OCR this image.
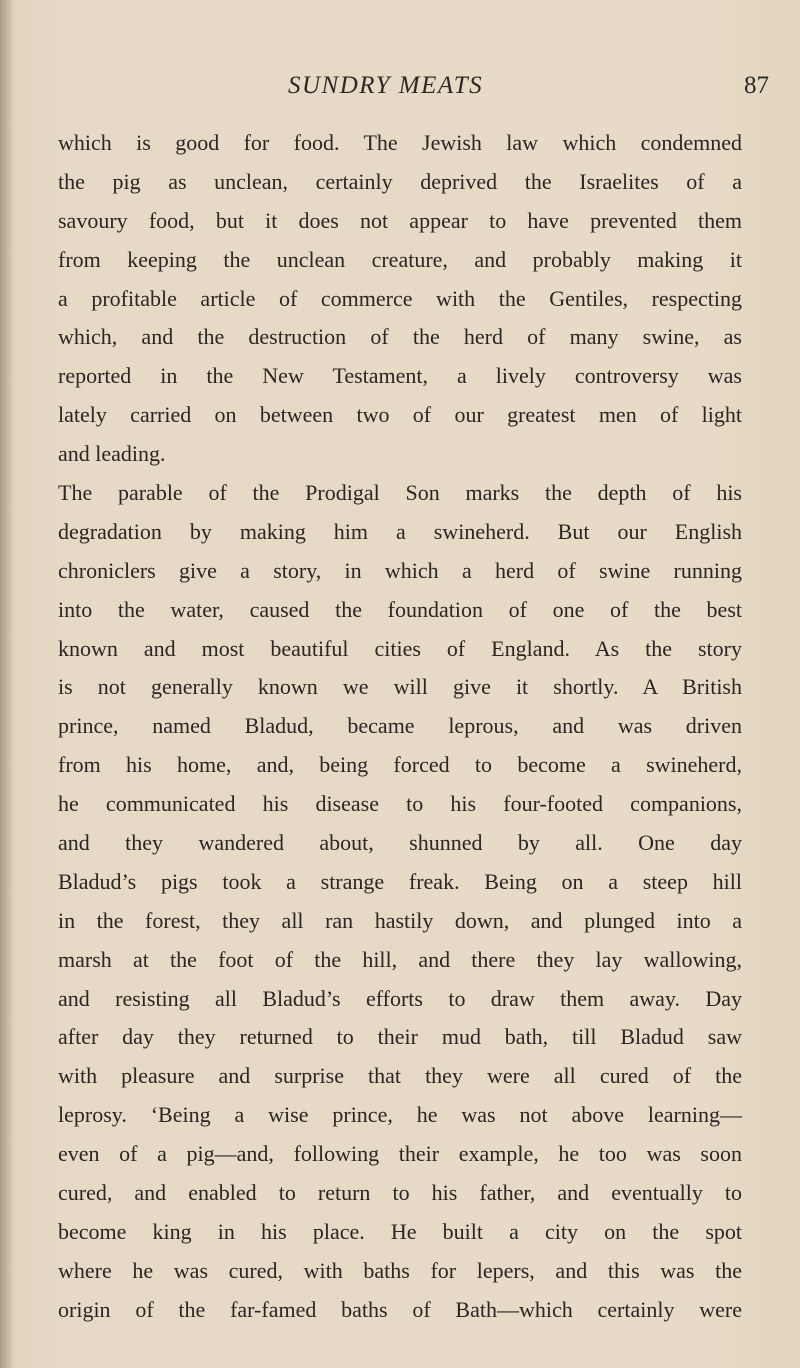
SUNDRY MEATS	87
which is good for food. The Jewish law which condemned
the pig as unclean, certainly deprived the Israelites of a
savoury food, but it does not appear to have prevented them
from keeping the unclean creature, and probably making it
a profitable article of commerce with the Gentiles, respecting
which, and the destruction of the herd of many swine, as
reported in the New Testament, a lively controversy was
lately carried on between two of our greatest men of light
and leading.
The parable of the Prodigal Son marks the depth of his
degradation by making him a swineherd. But our English
chroniclers give a story, in which a herd of swine running
into the water, caused the foundation of one of the best
known and most beautiful cities of England. As the story
is not generally known we will give it shortly. A British
prince, named Bladud, became leprous, and was driven
from his home, and, being forced to become a swineherd,
he communicated his disease to his four-footed companions,
and they wandered about, shunned by all. One day
Bladud’s pigs took a strange freak. Being on a steep hill
in the forest, they all ran hastily down, and plunged into a
marsh at the foot of the hill, and there they lay wallowing,
and resisting all Bladud’s efforts to draw them away. Day
after day they returned to their mud bath, till Bladud saw
with pleasure and surprise that they were all cured of the
leprosy. ‘Being a wise prince, he was not above learning—
even of a pig—and, following their example, he too was soon
cured, and enabled to return to his father, and eventually to
become king in his place. He built a city on the spot
where he was cured, with baths for lepers, and this was the
origin of the far-famed baths of Bath—which certainly were
